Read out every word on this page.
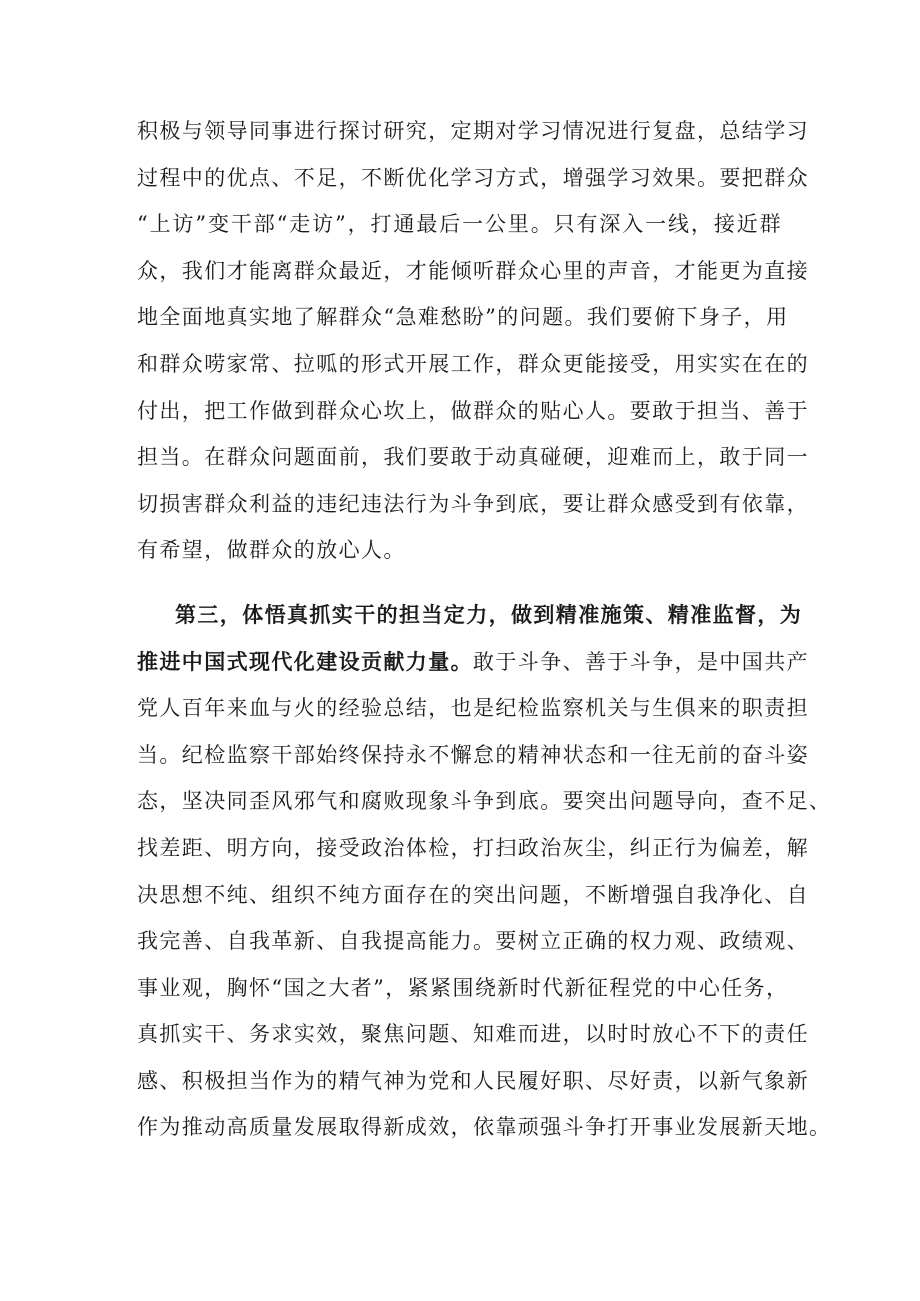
积极与领导同事进行探讨研究，定期对学习情况进行复盘，总结学习
过程中的优点、不足，不断优化学习方式，增强学习效果。要把群众
“上访”变干部“走访”，打通最后一公里。只有深入一线，接近群
众，我们才能离群众最近，才能倾听群众心里的声音，才能更为直接
地全面地真实地了解群众“急难愁盼”的问题。我们要俯下身子，用
和群众唠家常、拉呱的形式开展工作，群众更能接受，用实实在在的
付出，把工作做到群众心坎上，做群众的贴心人。要敢于担当、善于
担当。在群众问题面前，我们要敢于动真碰硬，迎难而上，敢于同一
切损害群众利益的违纪违法行为斗争到底，要让群众感受到有依靠，
有希望，做群众的放心人。
第三，体悟真抓实干的担当定力，做到精准施策、精准监督，为
推进中国式现代化建设贡献力量。敢于斗争、善于斗争，是中国共产
党人百年来血与火的经验总结，也是纪检监察机关与生俱来的职责担
当。纪检监察干部始终保持永不懈怠的精神状态和一往无前的奋斗姿
态，坚决同歪风邪气和腐败现象斗争到底。要突出问题导向，查不足、
找差距、明方向，接受政治体检，打扫政治灰尘，纠正行为偏差，解
决思想不纯、组织不纯方面存在的突出问题，不断增强自我净化、自
我完善、自我革新、自我提高能力。要树立正确的权力观、政绩观、
事业观，胸怀“国之大者”，紧紧围绕新时代新征程党的中心任务，
真抓实干、务求实效，聚焦问题、知难而进，以时时放心不下的责任
感、积极担当作为的精气神为党和人民履好职、尽好责，以新气象新
作为推动高质量发展取得新成效，依靠顽强斗争打开事业发展新天地。
